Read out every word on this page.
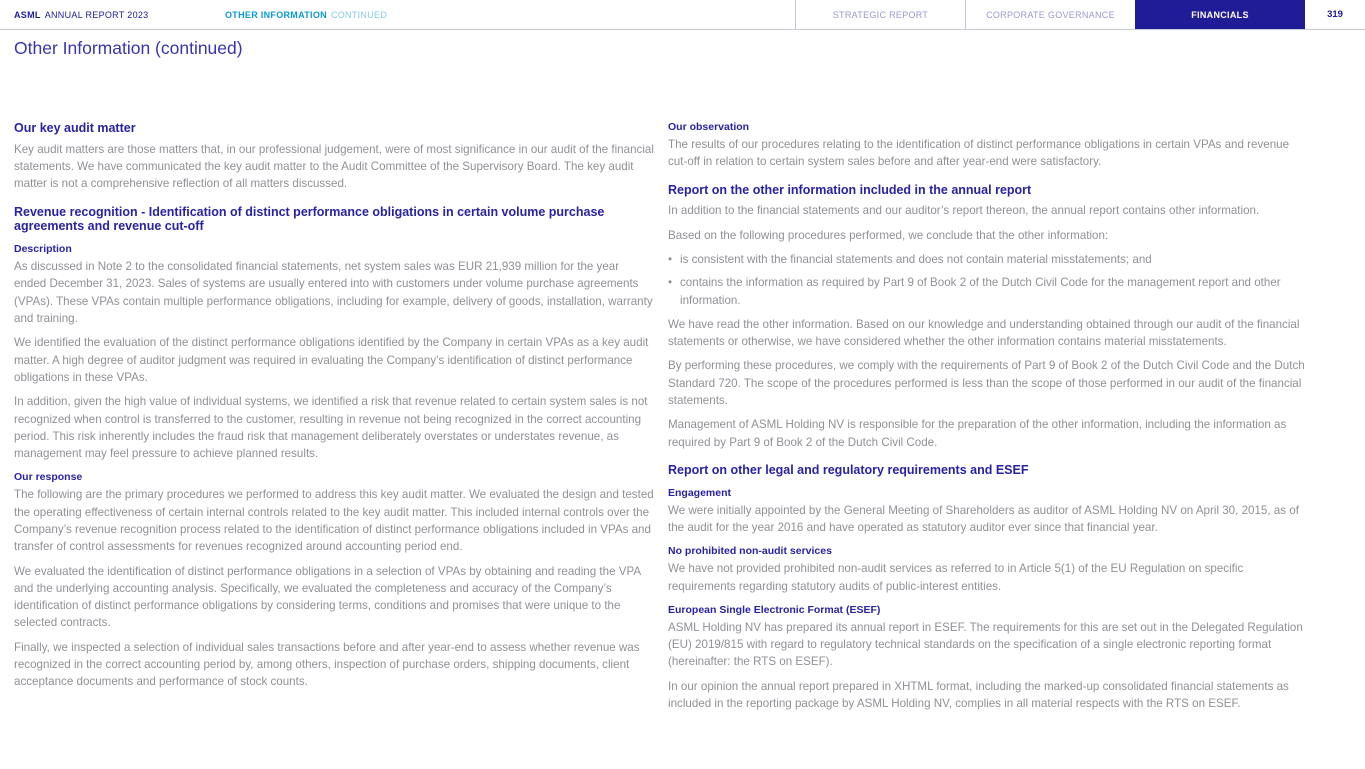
ASML ANNUAL REPORT 2023	OTHER INFORMATION CONTINUED	STRATEGIC REPORT	CORPORATE GOVERNANCE	FINANCIALS	319
Other Information (continued)
Our key audit matter

Key audit matters are those matters that, in our professional judgement, were of most significance in our audit of the financial statements. We have communicated the key audit matter to the Audit Committee of the Supervisory Board. The key audit matter is not a comprehensive reflection of all matters discussed.

Revenue recognition - Identification of distinct performance obligations in certain volume purchase agreements and revenue cut-off
Description

As discussed in Note 2 to the consolidated financial statements, net system sales was EUR 21,939 million for the year ended December 31, 2023. Sales of systems are usually entered into with customers under volume purchase agreements (VPAs). These VPAs contain multiple performance obligations, including for example, delivery of goods, installation, warranty and training.

We identified the evaluation of the distinct performance obligations identified by the Company in certain VPAs as a key audit matter. A high degree of auditor judgment was required in evaluating the Company’s identification of distinct performance obligations in these VPAs.

In addition, given the high value of individual systems, we identified a risk that revenue related to certain system sales is not recognized when control is transferred to the customer, resulting in revenue not being recognized in the correct accounting period. This risk inherently includes the fraud risk that management deliberately overstates or understates revenue, as management may feel pressure to achieve planned results.

Our response

The following are the primary procedures we performed to address this key audit matter. We evaluated the design and tested the operating effectiveness of certain internal controls related to the key audit matter. This included internal controls over the Company’s revenue recognition process related to the identification of distinct performance obligations included in VPAs and transfer of control assessments for revenues recognized around accounting period end.

We evaluated the identification of distinct performance obligations in a selection of VPAs by obtaining and reading the VPA and the underlying accounting analysis. Specifically, we evaluated the completeness and accuracy of the Company’s identification of distinct performance obligations by considering terms, conditions and promises that were unique to the selected contracts.

Finally, we inspected a selection of individual sales transactions before and after year-end to assess whether revenue was recognized in the correct accounting period by, among others, inspection of purchase orders, shipping documents, client acceptance documents and performance of stock counts.

Our observation

The results of our procedures relating to the identification of distinct performance obligations in certain VPAs and revenue cut-off in relation to certain system sales before and after year-end were satisfactory.

Report on the other information included in the annual report

In addition to the financial statements and our auditor’s report thereon, the annual report contains other information.

Based on the following procedures performed, we conclude that the other information:

• is consistent with the financial statements and does not contain material misstatements; and
• contains the information as required by Part 9 of Book 2 of the Dutch Civil Code for the management report and other information.

We have read the other information. Based on our knowledge and understanding obtained through our audit of the financial statements or otherwise, we have considered whether the other information contains material misstatements.

By performing these procedures, we comply with the requirements of Part 9 of Book 2 of the Dutch Civil Code and the Dutch Standard 720. The scope of the procedures performed is less than the scope of those performed in our audit of the financial statements.

Management of ASML Holding NV is responsible for the preparation of the other information, including the information as required by Part 9 of Book 2 of the Dutch Civil Code.

Report on other legal and regulatory requirements and ESEF
Engagement

We were initially appointed by the General Meeting of Shareholders as auditor of ASML Holding NV on April 30, 2015, as of the audit for the year 2016 and have operated as statutory auditor ever since that financial year.

No prohibited non-audit services

We have not provided prohibited non-audit services as referred to in Article 5(1) of the EU Regulation on specific requirements regarding statutory audits of public-interest entities.

European Single Electronic Format (ESEF)

ASML Holding NV has prepared its annual report in ESEF. The requirements for this are set out in the Delegated Regulation (EU) 2019/815 with regard to regulatory technical standards on the specification of a single electronic reporting format (hereinafter: the RTS on ESEF).

In our opinion the annual report prepared in XHTML format, including the marked-up consolidated financial statements as included in the reporting package by ASML Holding NV, complies in all material respects with the RTS on ESEF.
